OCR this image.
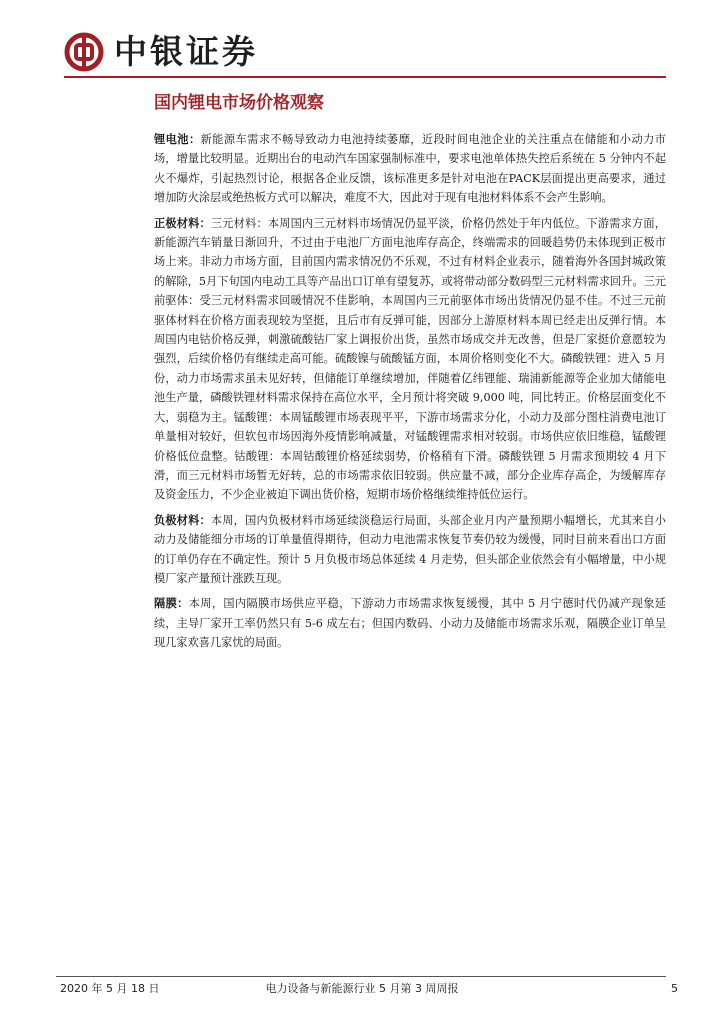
中银证券
国内锂电市场价格观察

锂电池：新能源车需求不畅导致动力电池持续萎靡，近段时间电池企业的关注重点在储能和小动力市场，增量比较明显。近期出台的电动汽车国家强制标准中，要求电池单体热失控后系统在 5 分钟内不起火不爆炸，引起热烈讨论，根据各企业反馈，该标准更多是针对电池在PACK层面提出更高要求，通过增加防火涂层或绝热板方式可以解决，难度不大，因此对于现有电池材料体系不会产生影响。

正极材料：三元材料：本周国内三元材料市场情况仍显平淡，价格仍然处于年内低位。下游需求方面，新能源汽车销量日渐回升，不过由于电池厂方面电池库存高企，终端需求的回暖趋势仍未体现到正极市场上来。非动力市场方面，目前国内需求情况仍不乐观，不过有材料企业表示，随着海外各国封城政策的解除，5月下旬国内电动工具等产品出口订单有望复苏，或将带动部分数码型三元材料需求回升。三元前驱体：受三元材料需求回暖情况不佳影响，本周国内三元前驱体市场出货情况仍显不佳。不过三元前驱体材料在价格方面表现较为坚挺，且后市有反弹可能，因部分上游原材料本周已经走出反弹行情。本周国内电钴价格反弹，刺激硫酸钴厂家上调报价出货，虽然市场成交并无改善，但是厂家挺价意愿较为强烈，后续价格仍有继续走高可能。硫酸镍与硫酸锰方面，本周价格则变化不大。磷酸铁锂：进入 5 月份，动力市场需求虽未见好转，但储能订单继续增加，伴随着亿纬锂能、瑞浦新能源等企业加大储能电池生产量，磷酸铁锂材料需求保持在高位水平，全月预计将突破 9,000 吨，同比转正。价格层面变化不大，弱稳为主。锰酸锂：本周锰酸锂市场表现平平，下游市场需求分化，小动力及部分图柱消费电池订单量相对较好，但软包市场因海外疫情影响减量，对锰酸锂需求相对较弱。市场供应依旧维稳，锰酸锂价格低位盘整。钴酸锂：本周钴酸锂价格延续弱势，价格稍有下滑。磷酸铁锂 5 月需求预期较 4 月下滑，而三元材料市场暂无好转，总的市场需求依旧较弱。供应量不减，部分企业库存高企，为缓解库存及资金压力，不少企业被迫下调出货价格，短期市场价格继续维持低位运行。

负极材料：本周，国内负极材料市场延续淡稳运行局面，头部企业月内产量预期小幅增长，尤其来自小动力及储能细分市场的订单量值得期待，但动力电池需求恢复节奏仍较为缓慢，同时目前来看出口方面的订单仍存在不确定性。预计 5 月负极市场总体延续 4 月走势，但头部企业依然会有小幅增量，中小规模厂家产量预计涨跌互现。

隔膜：本周，国内隔膜市场供应平稳，下游动力市场需求恢复缓慢，其中 5 月宁德时代仍减产现象延续，主导厂家开工率仍然只有 5-6 成左右；但国内数码、小动力及储能市场需求乐观，隔膜企业订单呈现几家欢喜几家忧的局面。

2020 年 5 月 18 日	电力设备与新能源行业 5 月第 3 周周报	5
